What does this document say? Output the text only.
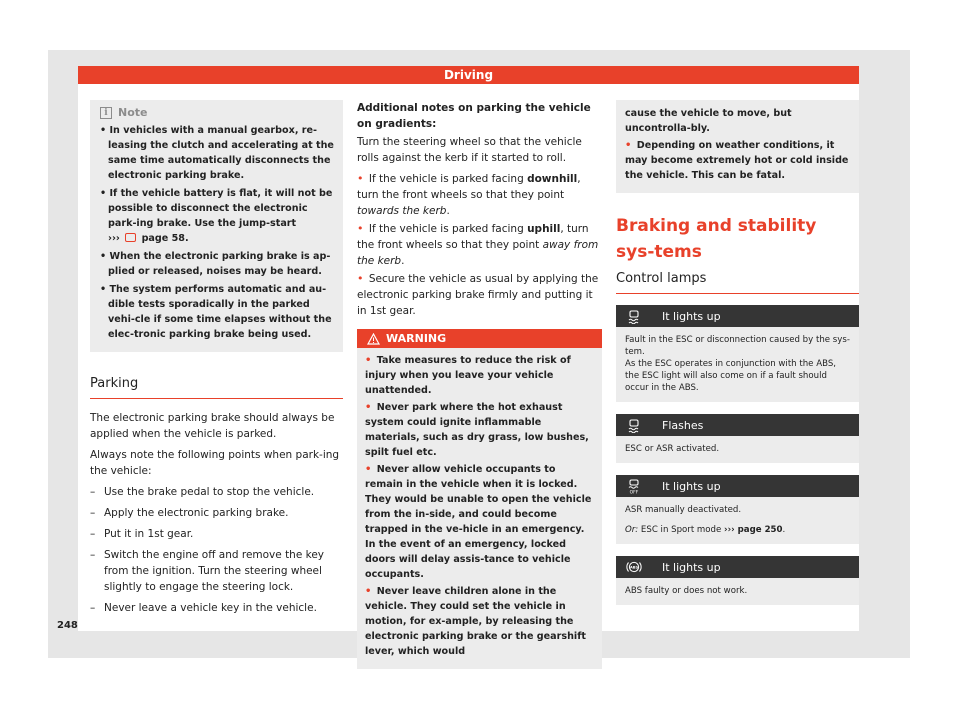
Driving
i Note
• In vehicles with a manual gearbox, re-leasing the clutch and accelerating at the same time automatically disconnects the electronic parking brake.
• If the vehicle battery is flat, it will not be possible to disconnect the electronic park-ing brake. Use the jump-start
››› page 58.
• When the electronic parking brake is ap-plied or released, noises may be heard.
• The system performs automatic and au-dible tests sporadically in the parked vehi-cle if some time elapses without the elec-tronic parking brake being used.
Parking
The electronic parking brake should always be applied when the vehicle is parked.
Always note the following points when park-ing the vehicle:
– Use the brake pedal to stop the vehicle.
– Apply the electronic parking brake.
– Put it in 1st gear.
– Switch the engine off and remove the key from the ignition. Turn the steering wheel slightly to engage the steering lock.
– Never leave a vehicle key in the vehicle.
Additional notes on parking the vehicle on gradients:
Turn the steering wheel so that the vehicle rolls against the kerb if it started to roll.
• If the vehicle is parked facing downhill, turn the front wheels so that they point towards the kerb.
• If the vehicle is parked facing uphill, turn the front wheels so that they point away from the kerb.
• Secure the vehicle as usual by applying the electronic parking brake firmly and putting it in 1st gear.
WARNING
• Take measures to reduce the risk of injury when you leave your vehicle unattended.
• Never park where the hot exhaust system could ignite inflammable materials, such as dry grass, low bushes, spilt fuel etc.
• Never allow vehicle occupants to remain in the vehicle when it is locked. They would be unable to open the vehicle from the in-side, and could become trapped in the ve-hicle in an emergency. In the event of an emergency, locked doors will delay assis-tance to vehicle occupants.
• Never leave children alone in the vehicle. They could set the vehicle in motion, for ex-ample, by releasing the electronic parking brake or the gearshift lever, which would
cause the vehicle to move, but uncontrolla-bly.
• Depending on weather conditions, it may become extremely hot or cold inside the vehicle. This can be fatal.
Braking and stability sys-tems
Control lamps
It lights up

Fault in the ESC or disconnection caused by the sys-tem.

As the ESC operates in conjunction with the ABS, the ESC light will also come on if a fault should occur in the ABS.

Flashes

ESC or ASR activated.

OFF It lights up

ASR manually deactivated.

Or: ESC in Sport mode ››› page 250.

ABS It lights up

ABS faulty or does not work.

248
